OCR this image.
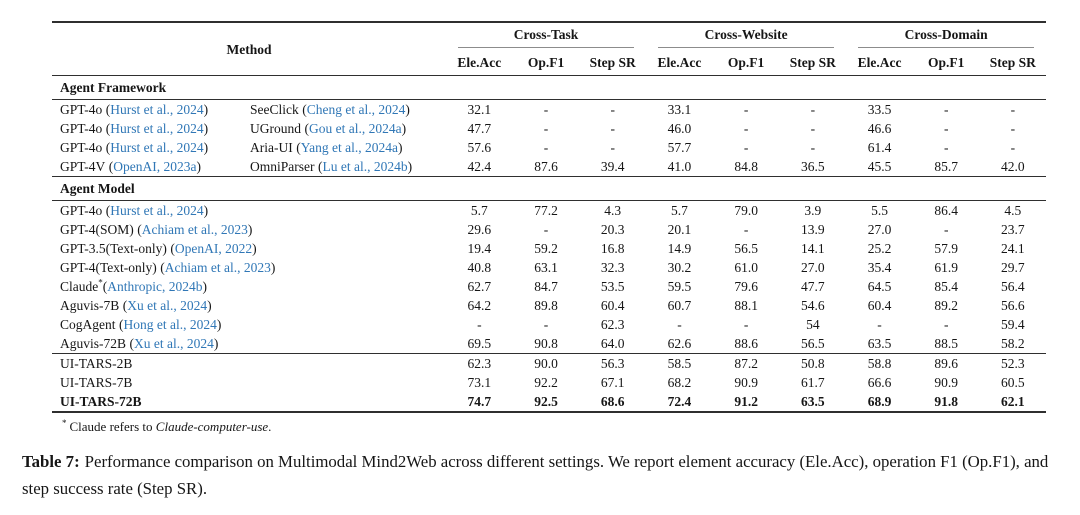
Method		Cross-Task			Cross-Website			Cross-Domain		

		Ele.Acc	Op.F1	Step SR	Ele.Acc	Op.F1	Step SR	Ele.Acc	Op.F1	Step SR
Agent Framework										
GPT-4o (Hurst et al., 2024)	SeeClick (Cheng et al., 2024)	32.1	-	-	33.1	-	-	33.5	-	-
GPT-4o (Hurst et al., 2024)	UGround (Gou et al., 2024a)	47.7	-	-	46.0	-	-	46.6	-	-
GPT-4o (Hurst et al., 2024)	Aria-UI (Yang et al., 2024a)	57.6	-	-	57.7	-	-	61.4	-	-
GPT-4V (OpenAI, 2023a)	OmniParser (Lu et al., 2024b)	42.4	87.6	39.4	41.0	84.8	36.5	45.5	85.7	42.0
Agent Model										
GPT-4o (Hurst et al., 2024)		5.7	77.2	4.3	5.7	79.0	3.9	5.5	86.4	4.5
GPT-4(SOM) (Achiam et al., 2023)		29.6	-	20.3	20.1	-	13.9	27.0	-	23.7
GPT-3.5(Text-only) (OpenAI, 2022)		19.4	59.2	16.8	14.9	56.5	14.1	25.2	57.9	24.1
GPT-4(Text-only) (Achiam et al., 2023)		40.8	63.1	32.3	30.2	61.0	27.0	35.4	61.9	29.7
Claude*(Anthropic, 2024b)		62.7	84.7	53.5	59.5	79.6	47.7	64.5	85.4	56.4
Aguvis-7B (Xu et al., 2024)		64.2	89.8	60.4	60.7	88.1	54.6	60.4	89.2	56.6
CogAgent (Hong et al., 2024)		-	-	62.3	-	-	54	-	-	59.4
Aguvis-72B (Xu et al., 2024)		69.5	90.8	64.0	62.6	88.6	56.5	63.5	88.5	58.2
UI-TARS-2B		62.3	90.0	56.3	58.5	87.2	50.8	58.8	89.6	52.3
UI-TARS-7B		73.1	92.2	67.1	68.2	90.9	61.7	66.6	90.9	60.5
UI-TARS-72B		74.7	92.5	68.6	72.4	91.2	63.5	68.9	91.8	62.1
* Claude refers to Claude-computer-use.
Table 7: Performance comparison on Multimodal Mind2Web across different settings. We report element accuracy (Ele.Acc), operation F1 (Op.F1), and step success rate (Step SR).
